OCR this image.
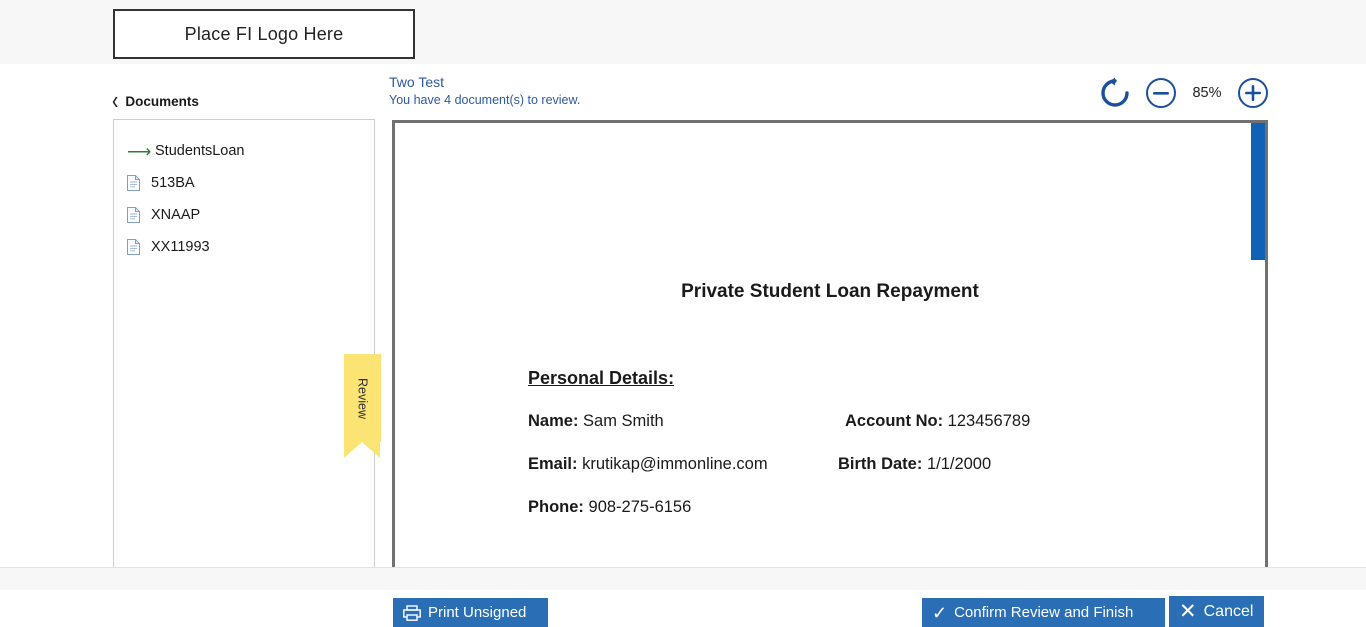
Place FI Logo Here
‹ Documents
Two Test
You have 4 document(s) to review.	85%
⟶ StudentsLoan
513BA
XNAAP
XX11993
Review
Private Student Loan Repayment
Personal Details:
Name: Sam Smith	Account No: 123456789
Email: krutikap@immonline.com	Birth Date: 1/1/2000
Phone: 908-275-6156
Print Unsigned	✓ Confirm Review and Finish ✕ Cancel
